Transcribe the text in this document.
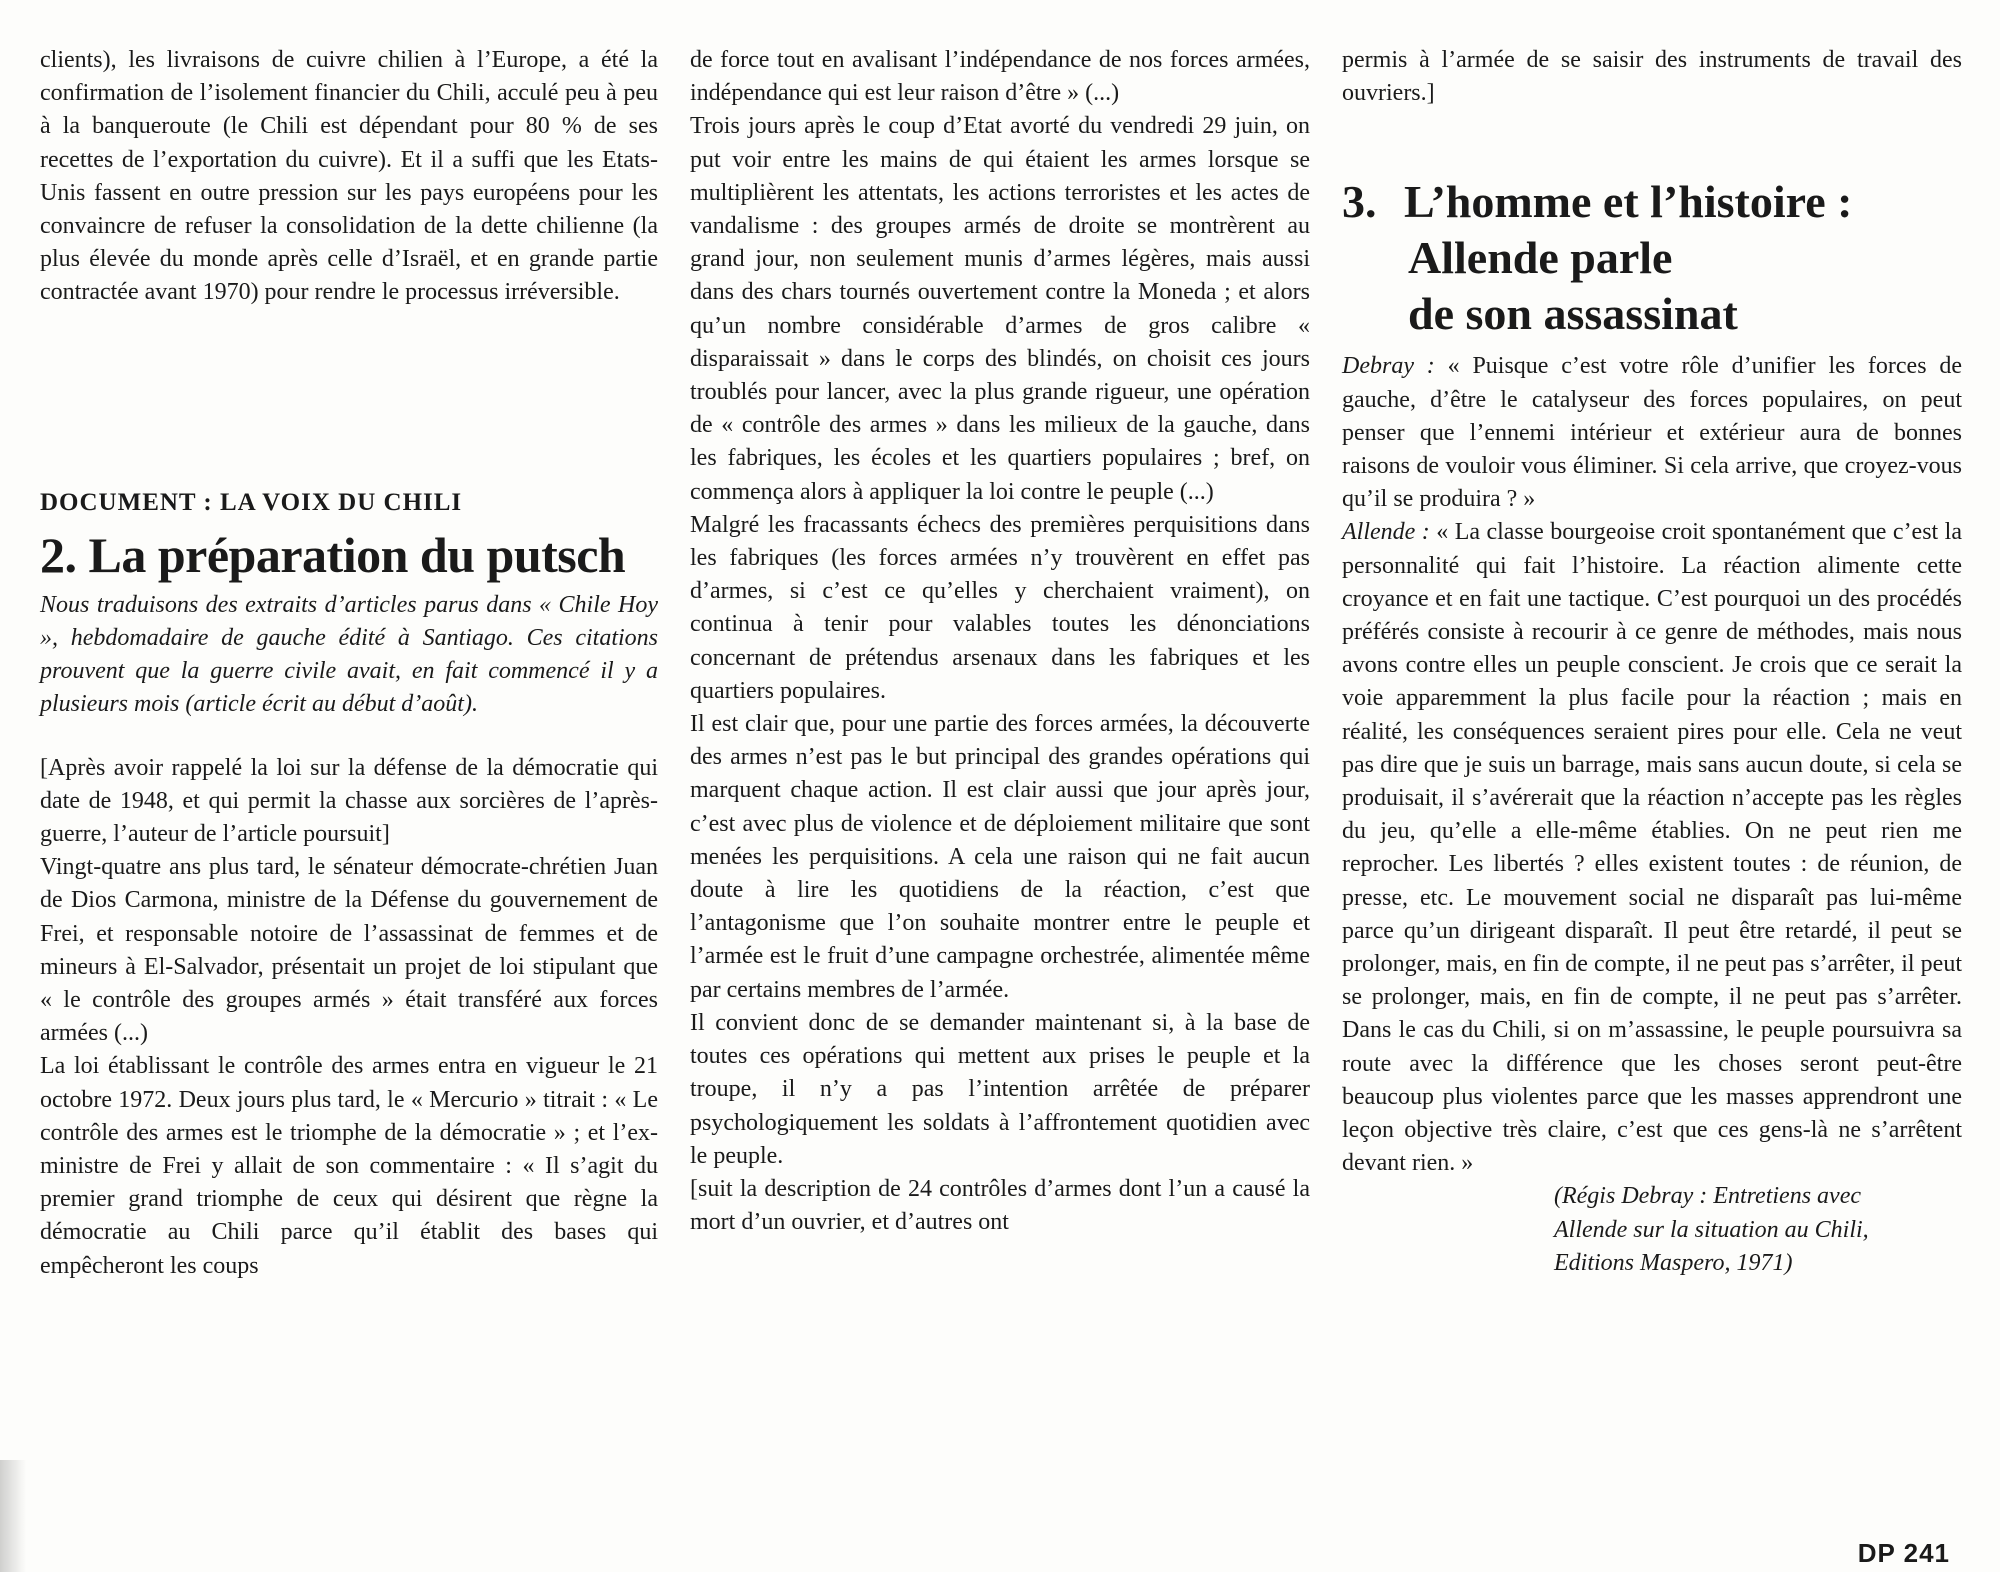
clients), les livraisons de cuivre chilien à l’Europe, a été la confirmation de l’isolement financier du Chili, acculé peu à peu à la banqueroute (le Chili est dépendant pour 80 % de ses recettes de l’exportation du cuivre). Et il a suffi que les Etats-Unis fassent en outre pression sur les pays européens pour les convaincre de refuser la consolidation de la dette chilienne (la plus élevée du monde après celle d’Israël, et en grande partie contractée avant 1970) pour rendre le processus irréversible.

DOCUMENT : LA VOIX DU CHILI

2. La préparation du putsch

Nous traduisons des extraits d’articles parus dans « Chile Hoy », hebdomadaire de gauche édité à Santiago. Ces citations prouvent que la guerre civile avait, en fait commencé il y a plusieurs mois (article écrit au début d’août).

[Après avoir rappelé la loi sur la défense de la démocratie qui date de 1948, et qui permit la chasse aux sorcières de l’après-guerre, l’auteur de l’article poursuit]

Vingt-quatre ans plus tard, le sénateur démocrate-chrétien Juan de Dios Carmona, ministre de la Défense du gouvernement de Frei, et responsable notoire de l’assassinat de femmes et de mineurs à El-Salvador, présentait un projet de loi stipulant que « le contrôle des groupes armés » était transféré aux forces armées (...)

La loi établissant le contrôle des armes entra en vigueur le 21 octobre 1972. Deux jours plus tard, le « Mercurio » titrait : « Le contrôle des armes est le triomphe de la démocratie » ; et l’ex-ministre de Frei y allait de son commentaire : « Il s’agit du premier grand triomphe de ceux qui désirent que règne la démocratie au Chili parce qu’il établit des bases qui empêcheront les coups

de force tout en avalisant l’indépendance de nos forces armées, indépendance qui est leur raison d’être » (...)

Trois jours après le coup d’Etat avorté du vendredi 29 juin, on put voir entre les mains de qui étaient les armes lorsque se multiplièrent les attentats, les actions terroristes et les actes de vandalisme : des groupes armés de droite se montrèrent au grand jour, non seulement munis d’armes légères, mais aussi dans des chars tournés ouvertement contre la Moneda ; et alors qu’un nombre considérable d’armes de gros calibre « disparaissait » dans le corps des blindés, on choisit ces jours troublés pour lancer, avec la plus grande rigueur, une opération de « contrôle des armes » dans les milieux de la gauche, dans les fabriques, les écoles et les quartiers populaires ; bref, on commença alors à appliquer la loi contre le peuple (...)

Malgré les fracassants échecs des premières perquisitions dans les fabriques (les forces armées n’y trouvèrent en effet pas d’armes, si c’est ce qu’elles y cherchaient vraiment), on continua à tenir pour valables toutes les dénonciations concernant de prétendus arsenaux dans les fabriques et les quartiers populaires.

Il est clair que, pour une partie des forces armées, la découverte des armes n’est pas le but principal des grandes opérations qui marquent chaque action. Il est clair aussi que jour après jour, c’est avec plus de violence et de déploiement militaire que sont menées les perquisitions. A cela une raison qui ne fait aucun doute à lire les quotidiens de la réaction, c’est que l’antagonisme que l’on souhaite montrer entre le peuple et l’armée est le fruit d’une campagne orchestrée, alimentée même par certains membres de l’armée.

Il convient donc de se demander maintenant si, à la base de toutes ces opérations qui mettent aux prises le peuple et la troupe, il n’y a pas l’intention arrêtée de préparer psychologiquement les soldats à l’affrontement quotidien avec le peuple.

[suit la description de 24 contrôles d’armes dont l’un a causé la mort d’un ouvrier, et d’autres ont

permis à l’armée de se saisir des instruments de travail des ouvriers.]

3. L’homme et l’histoire :
Allende parle
de son assassinat

Debray : « Puisque c’est votre rôle d’unifier les forces de gauche, d’être le catalyseur des forces populaires, on peut penser que l’ennemi intérieur et extérieur aura de bonnes raisons de vouloir vous éliminer. Si cela arrive, que croyez-vous qu’il se produira ? »

Allende : « La classe bourgeoise croit spontanément que c’est la personnalité qui fait l’histoire. La réaction alimente cette croyance et en fait une tactique. C’est pourquoi un des procédés préférés consiste à recourir à ce genre de méthodes, mais nous avons contre elles un peuple conscient. Je crois que ce serait la voie apparemment la plus facile pour la réaction ; mais en réalité, les conséquences seraient pires pour elle. Cela ne veut pas dire que je suis un barrage, mais sans aucun doute, si cela se produisait, il s’avérerait que la réaction n’accepte pas les règles du jeu, qu’elle a elle-même établies. On ne peut rien me reprocher. Les libertés ? elles existent toutes : de réunion, de presse, etc. Le mouvement social ne disparaît pas lui-même parce qu’un dirigeant disparaît. Il peut être retardé, il peut se prolonger, mais, en fin de compte, il ne peut pas s’arrêter, il peut se prolonger, mais, en fin de compte, il ne peut pas s’arrêter. Dans le cas du Chili, si on m’assassine, le peuple poursuivra sa route avec la différence que les choses seront peut-être beaucoup plus violentes parce que les masses apprendront une leçon objective très claire, c’est que ces gens-là ne s’arrêtent devant rien. »

(Régis Debray : Entretiens avec
Allende sur la situation au Chili,
Editions Maspero, 1971)

DP 241
